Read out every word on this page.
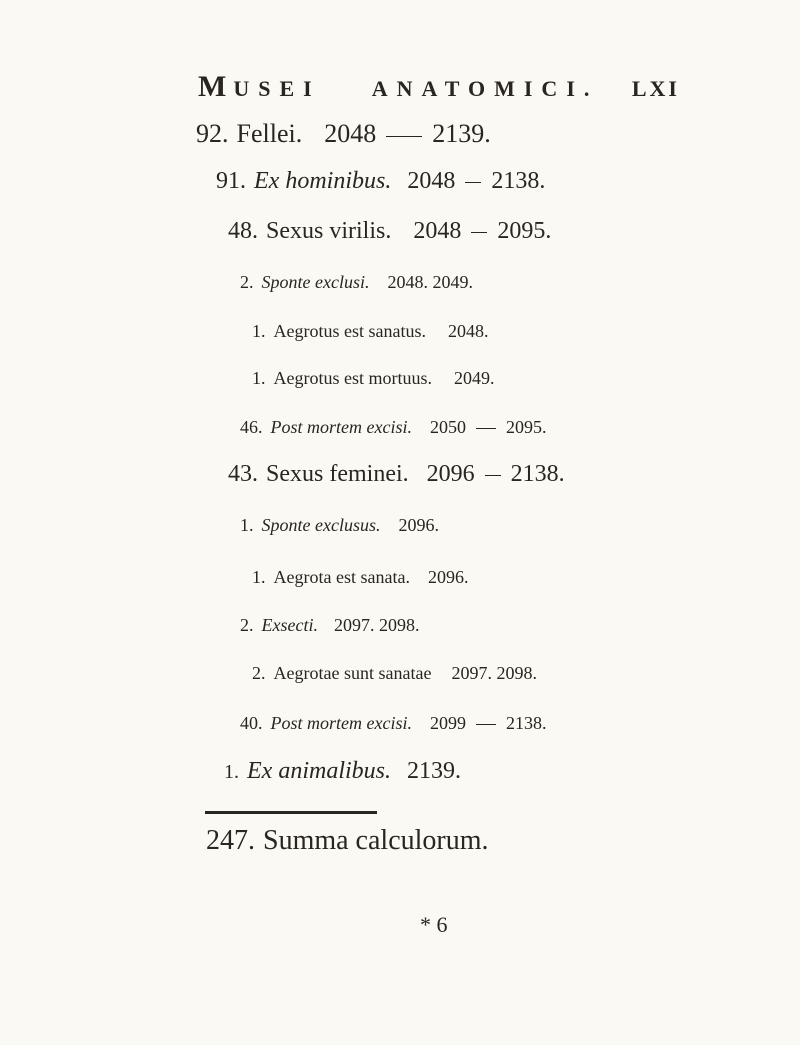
MUSEI ANATOMICI. LXI
92. Fellei. 2048 2139.
91. Ex hominibus. 2048 2138.
48. Sexus virilis. 2048 2095.
2. Sponte exclusi. 2048. 2049.
1. Aegrotus est sanatus. 2048.
1. Aegrotus est mortuus. 2049.
46. Post mortem excisi. 2050 2095.
43. Sexus feminei. 2096 2138.
1. Sponte exclusus. 2096.
1. Aegrota est sanata. 2096.
2. Exsecti. 2097. 2098.
2. Aegrotae sunt sanatae 2097. 2098.
40. Post mortem excisi. 2099 2138.
1. Ex animalibus. 2139.
247. Summa calculorum.
* 6
